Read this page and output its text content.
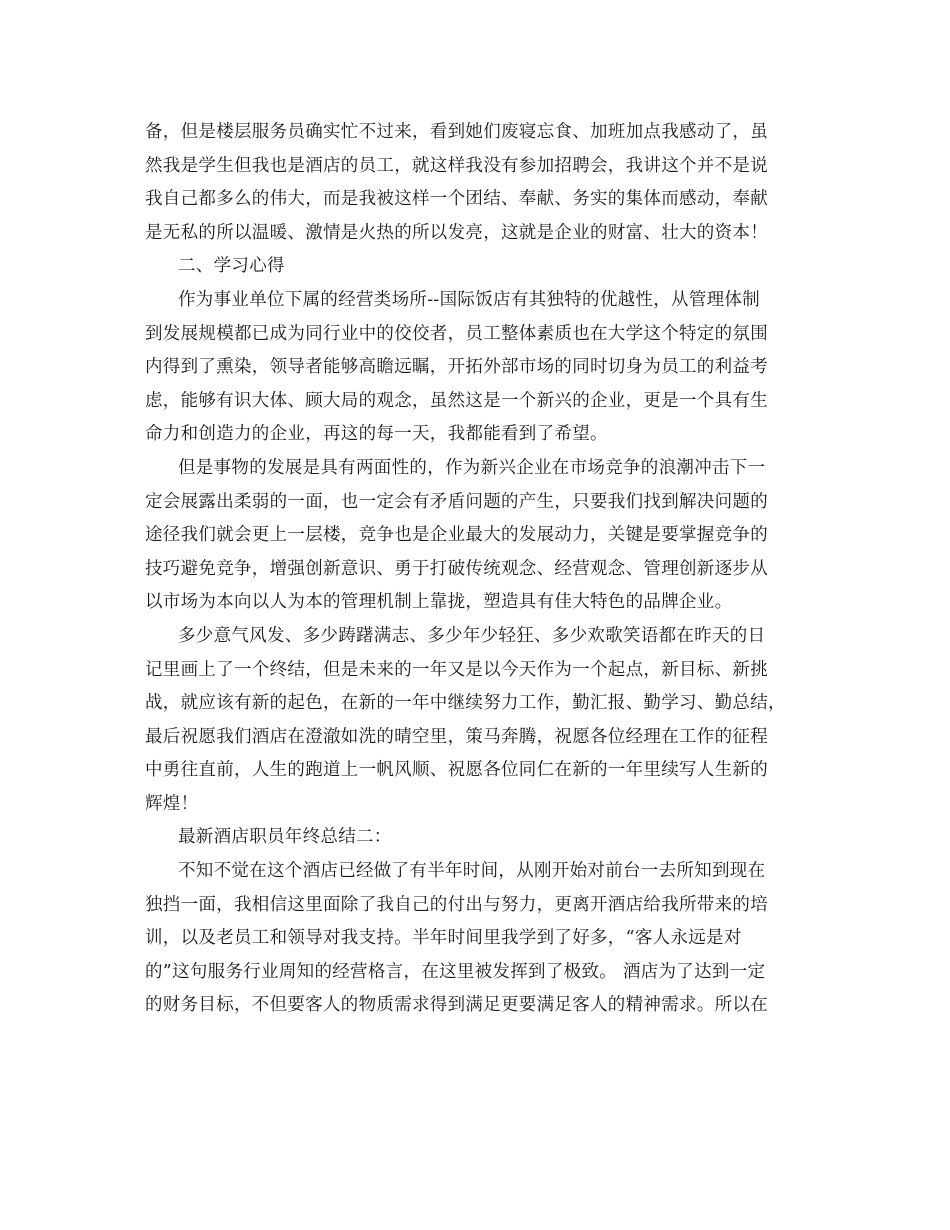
备，但是楼层服务员确实忙不过来，看到她们废寝忘食、加班加点我感动了，虽
然我是学生但我也是酒店的员工，就这样我没有参加招聘会，我讲这个并不是说
我自己都多么的伟大，而是我被这样一个团结、奉献、务实的集体而感动，奉献
是无私的所以温暖、激情是火热的所以发亮，这就是企业的财富、壮大的资本！
二、学习心得
作为事业单位下属的经营类场所--国际饭店有其独特的优越性，从管理体制
到发展规模都已成为同行业中的佼佼者，员工整体素质也在大学这个特定的氛围
内得到了熏染，领导者能够高瞻远瞩，开拓外部市场的同时切身为员工的利益考
虑，能够有识大体、顾大局的观念，虽然这是一个新兴的企业，更是一个具有生
命力和创造力的企业，再这的每一天，我都能看到了希望。
但是事物的发展是具有两面性的，作为新兴企业在市场竞争的浪潮冲击下一
定会展露出柔弱的一面，也一定会有矛盾问题的产生，只要我们找到解决问题的
途径我们就会更上一层楼，竞争也是企业最大的发展动力，关键是要掌握竞争的
技巧避免竞争，增强创新意识、勇于打破传统观念、经营观念、管理创新逐步从
以市场为本向以人为本的管理机制上靠拢，塑造具有佳大特色的品牌企业。
多少意气风发、多少踌躇满志、多少年少轻狂、多少欢歌笑语都在昨天的日
记里画上了一个终结，但是未来的一年又是以今天作为一个起点，新目标、新挑
战，就应该有新的起色，在新的一年中继续努力工作，勤汇报、勤学习、勤总结，
最后祝愿我们酒店在澄澈如洗的晴空里，策马奔腾，祝愿各位经理在工作的征程
中勇往直前，人生的跑道上一帆风顺、祝愿各位同仁在新的一年里续写人生新的
辉煌！
最新酒店职员年终总结二：
不知不觉在这个酒店已经做了有半年时间，从刚开始对前台一去所知到现在
独挡一面，我相信这里面除了我自己的付出与努力，更离开酒店给我所带来的培
训，以及老员工和领导对我支持。半年时间里我学到了好多，“客人永远是对
的”这句服务行业周知的经营格言，在这里被发挥到了极致。 酒店为了达到一定
的财务目标，不但要客人的物质需求得到满足更要满足客人的精神需求。所以在
